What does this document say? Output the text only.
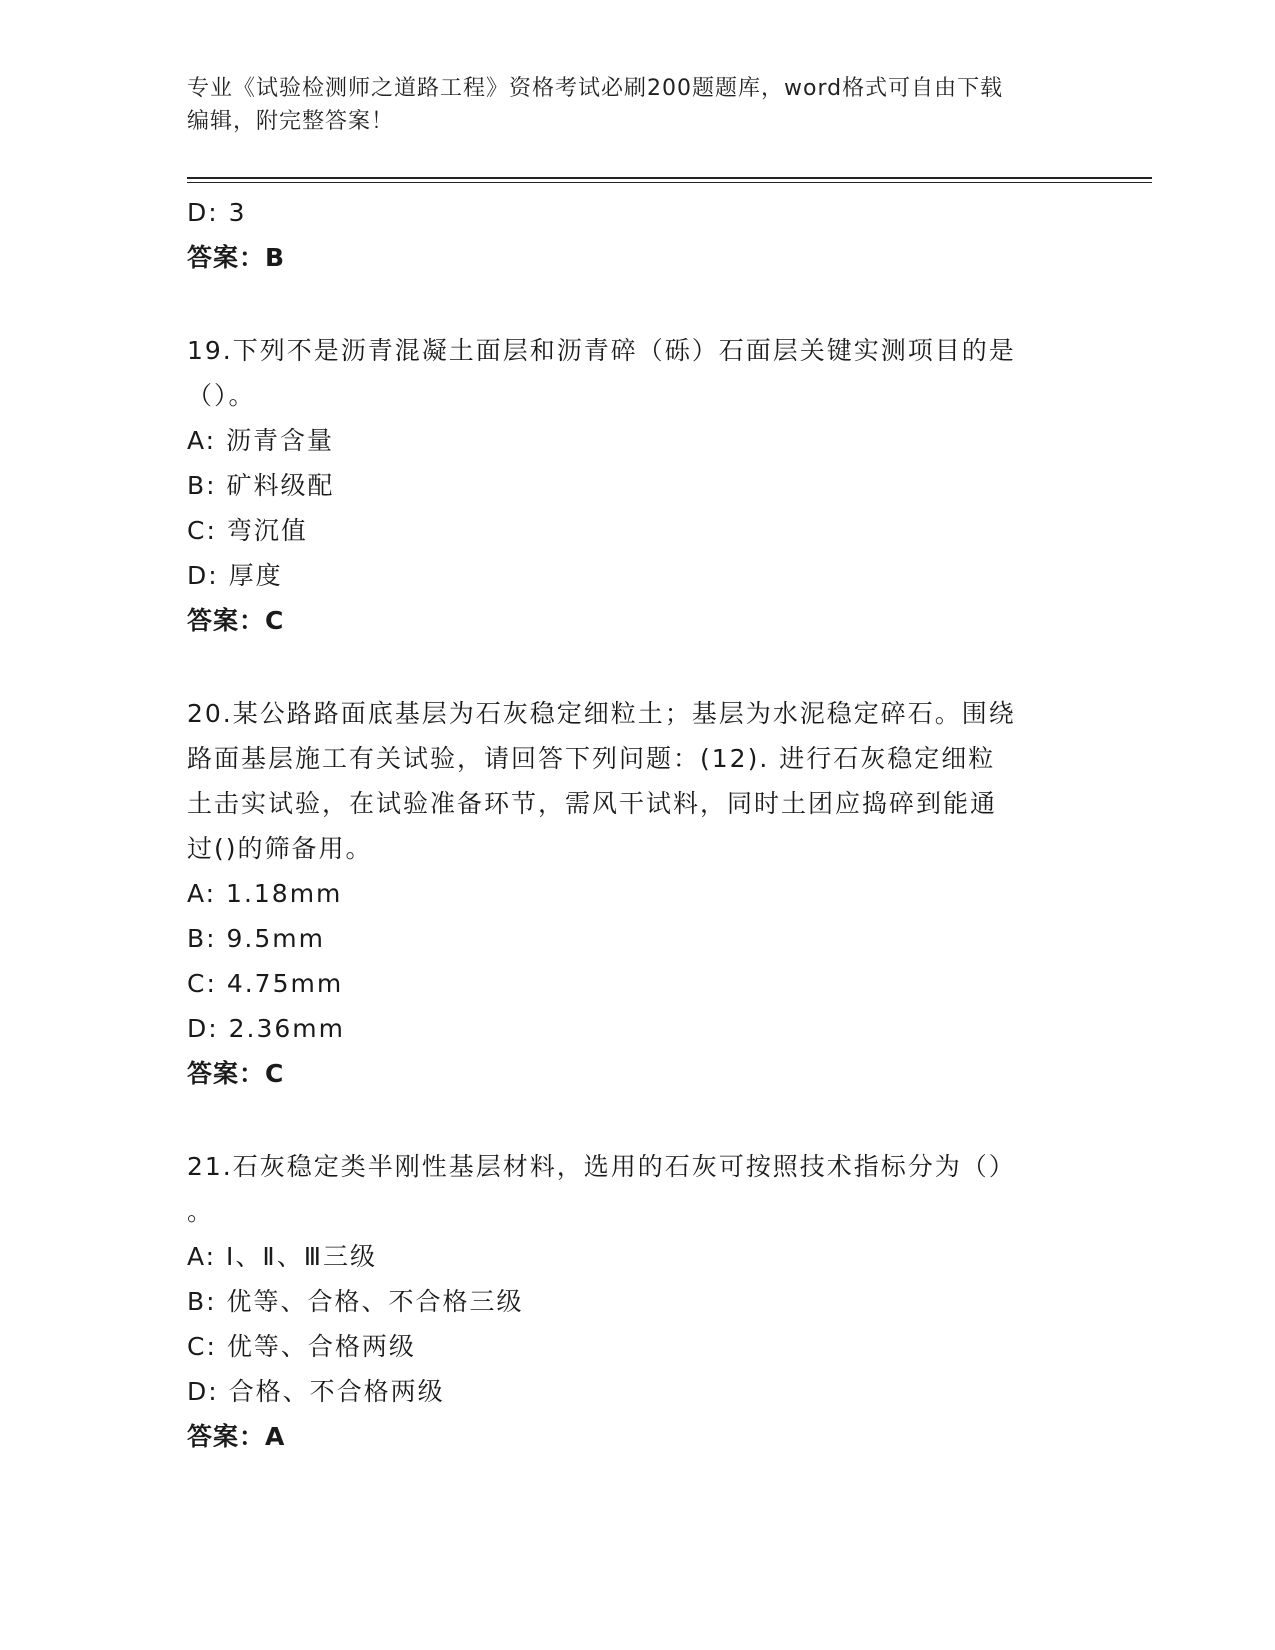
专业《试验检测师之道路工程》资格考试必刷200题题库，word格式可自由下载
编辑，附完整答案！
D: 3
答案：B
19.下列不是沥青混凝土面层和沥青碎（砾）石面层关键实测项目的是
（）。
A: 沥青含量
B: 矿料级配
C: 弯沉值
D: 厚度
答案：C
20.某公路路面底基层为石灰稳定细粒土；基层为水泥稳定碎石。围绕
路面基层施工有关试验，请回答下列问题：(12). 进行石灰稳定细粒
土击实试验，在试验准备环节，需风干试料，同时土团应捣碎到能通
过()的筛备用。
A: 1.18mm
B: 9.5mm
C: 4.75mm
D: 2.36mm
答案：C
21.石灰稳定类半刚性基层材料，选用的石灰可按照技术指标分为（）
。
A: Ⅰ、Ⅱ、Ⅲ三级
B: 优等、合格、不合格三级
C: 优等、合格两级
D: 合格、不合格两级
答案：A
